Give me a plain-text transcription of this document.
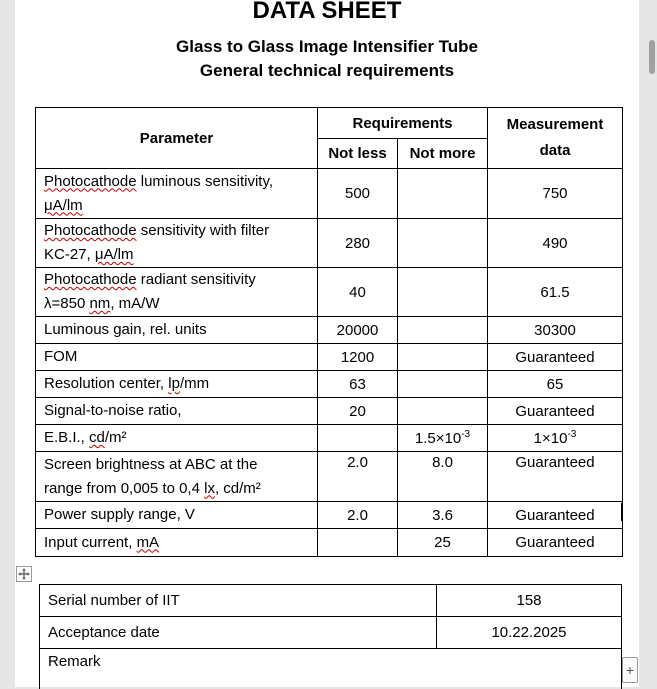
DATA SHEET
Glass to Glass Image Intensifier Tube
General technical requirements
Parameter	Requirements		Measurement
data
	Not less	Not more	
Photocathode luminous sensitivity,
μA/lm	500		750
Photocathode sensitivity with filter
KC-27, μA/lm	280		490
Photocathode radiant sensitivity
λ=850 nm, mA/W	40		61.5
Luminous gain, rel. units	20000		30300
FOM	1200		Guaranteed
Resolution center, lp/mm	63		65
Signal-to-noise ratio,	20		Guaranteed
E.B.I., cd/m²		$1.5\times 10^{-3}$	$1\times 10^{-3}$
Screen brightness at ABC at the
range from 0,005 to 0,4 lx, cd/m²	2.0	8.0	Guaranteed
Power supply range, V	2.0	3.6	Guaranteed
Input current, mA		25	Guaranteed
Serial number of IIT	158
Acceptance date	10.22.2025
Remark		+
